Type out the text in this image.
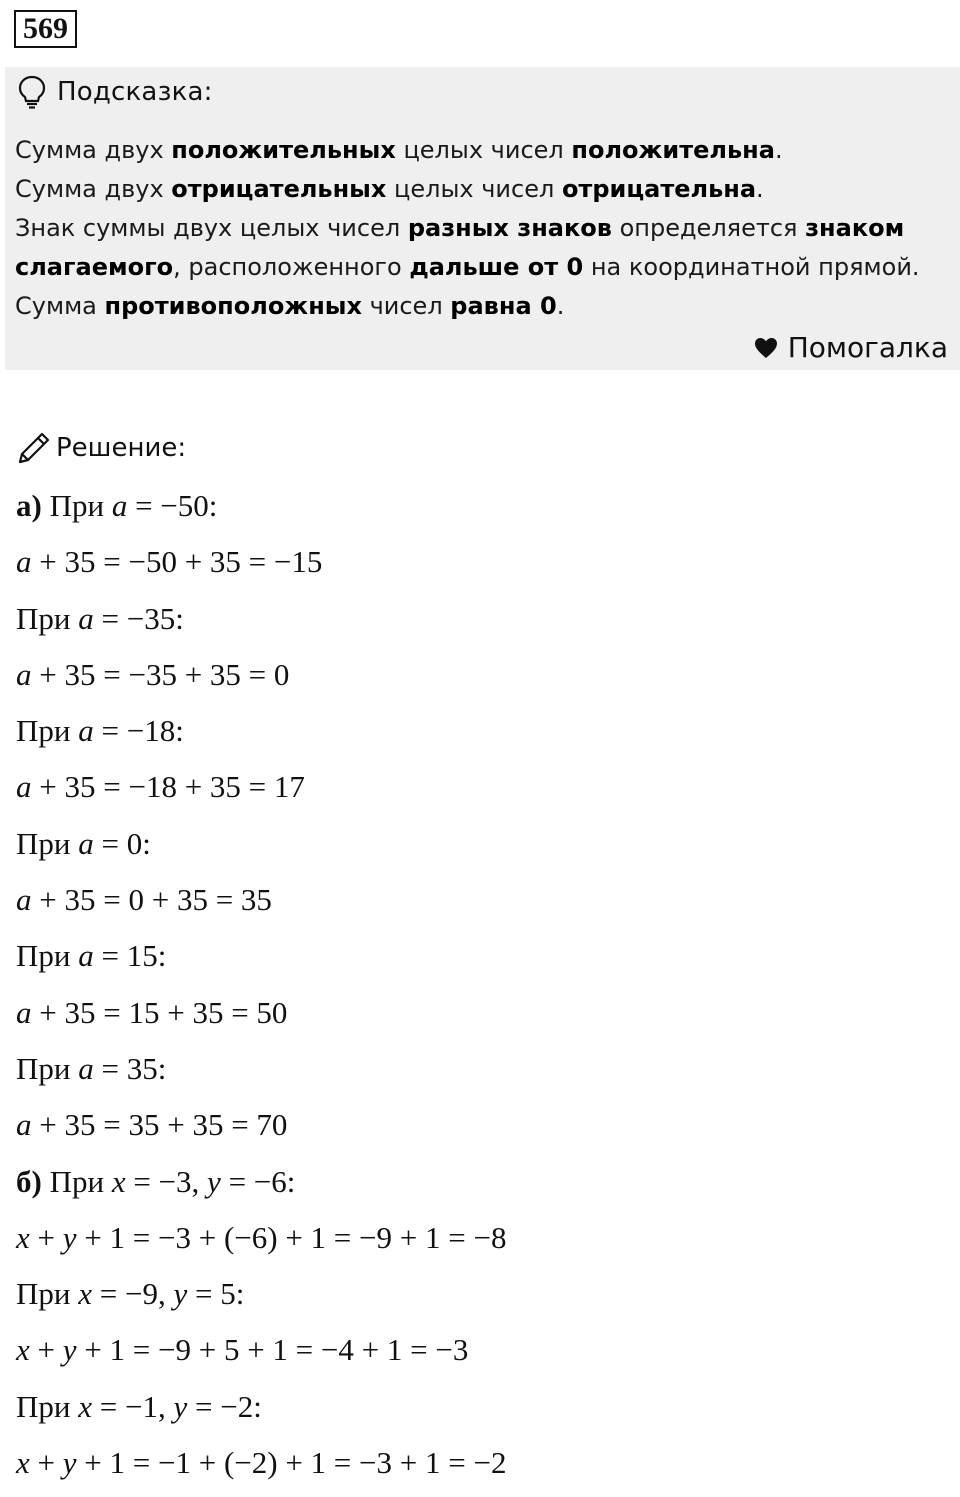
569
Подсказка:

Сумма двух положительных целых чисел положительна.

Сумма двух отрицательных целых чисел отрицательна.

Знак суммы двух целых чисел разных знаков определяется знаком

слагаемого, расположенного дальше от 0 на координатной прямой.

Сумма противоположных чисел равна 0.

Помогалка
Решение:
а) При a = −50:
a + 35 = −50 + 35 = −15
При a = −35:
a + 35 = −35 + 35 = 0
При a = −18:
a + 35 = −18 + 35 = 17
При a = 0:
a + 35 = 0 + 35 = 35
При a = 15:
a + 35 = 15 + 35 = 50
При a = 35:
a + 35 = 35 + 35 = 70
б) При x = −3, y = −6:
x + y + 1 = −3 + (−6) + 1 = −9 + 1 = −8
При x = −9, y = 5:
x + y + 1 = −9 + 5 + 1 = −4 + 1 = −3
При x = −1, y = −2:
x + y + 1 = −1 + (−2) + 1 = −3 + 1 = −2
